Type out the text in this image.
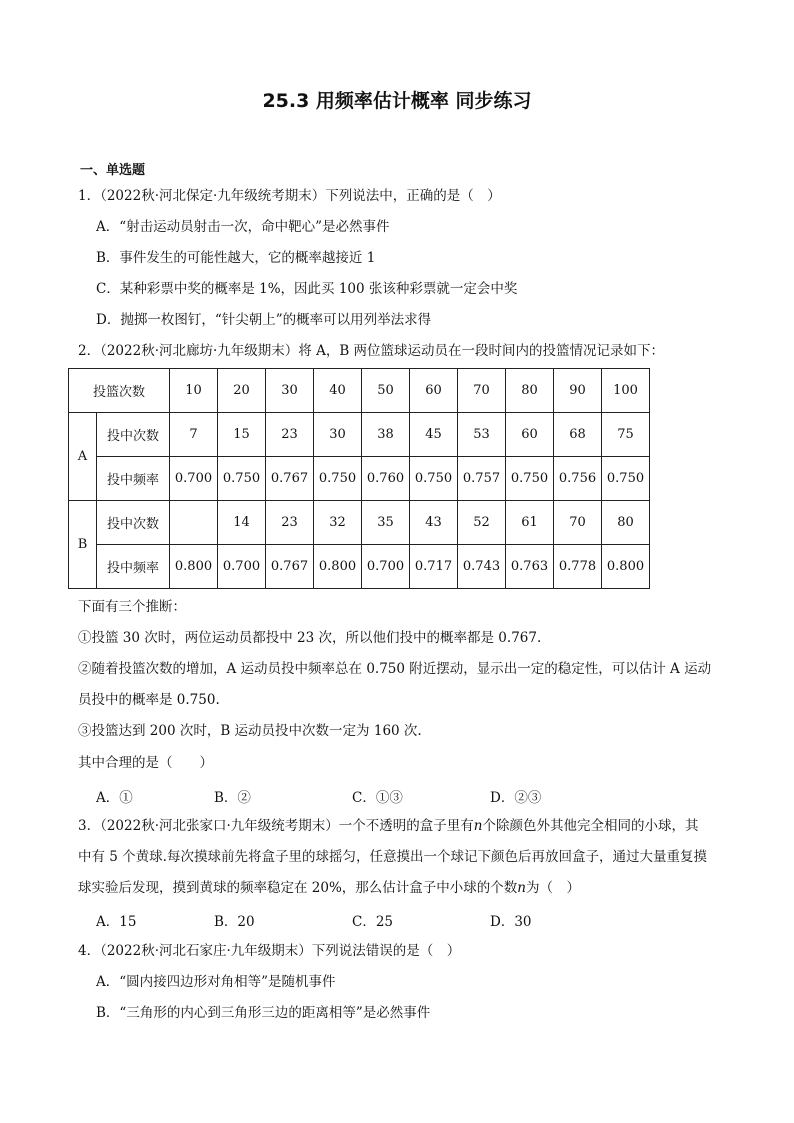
25.3 用频率估计概率 同步练习
一、单选题
1．（2022秋·河北保定·九年级统考期末）下列说法中，正确的是（　）
A．“射击运动员射击一次，命中靶心”是必然事件
B．事件发生的可能性越大，它的概率越接近 1
C．某种彩票中奖的概率是 1%，因此买 100 张该种彩票就一定会中奖
D．抛掷一枚图钉，“针尖朝上”的概率可以用列举法求得
2．（2022秋·河北廊坊·九年级期末）将 A，B 两位篮球运动员在一段时间内的投篮情况记录如下：
投篮次数		10	20	30	40	50	60	70	80	90	100
A	投中次数	7	15	23	30	38	45	53	60	68	75
	投中频率	0.700	0.750	0.767	0.750	0.760	0.750	0.757	0.750	0.756	0.750
B	投中次数		14	23	32	35	43	52	61	70	80
	投中频率	0.800	0.700	0.767	0.800	0.700	0.717	0.743	0.763	0.778	0.800
下面有三个推断：
①投篮 30 次时，两位运动员都投中 23 次，所以他们投中的概率都是 0.767.
②随着投篮次数的增加，A 运动员投中频率总在 0.750 附近摆动，显示出一定的稳定性，可以估计 A 运动
员投中的概率是 0.750.
③投篮达到 200 次时，B 运动员投中次数一定为 160 次.
其中合理的是（　　）
A．①	B．②	C．①③	D．②③
3．（2022秋·河北张家口·九年级统考期末）一个不透明的盒子里有n个除颜色外其他完全相同的小球，其
中有 5 个黄球.每次摸球前先将盒子里的球摇匀，任意摸出一个球记下颜色后再放回盒子，通过大量重复摸
球实验后发现，摸到黄球的频率稳定在 20%，那么估计盒子中小球的个数n为（　）
A．15	B．20	C．25	D．30
4．（2022秋·河北石家庄·九年级期末）下列说法错误的是（　）
A．“圆内接四边形对角相等”是随机事件
B．“三角形的内心到三角形三边的距离相等”是必然事件
